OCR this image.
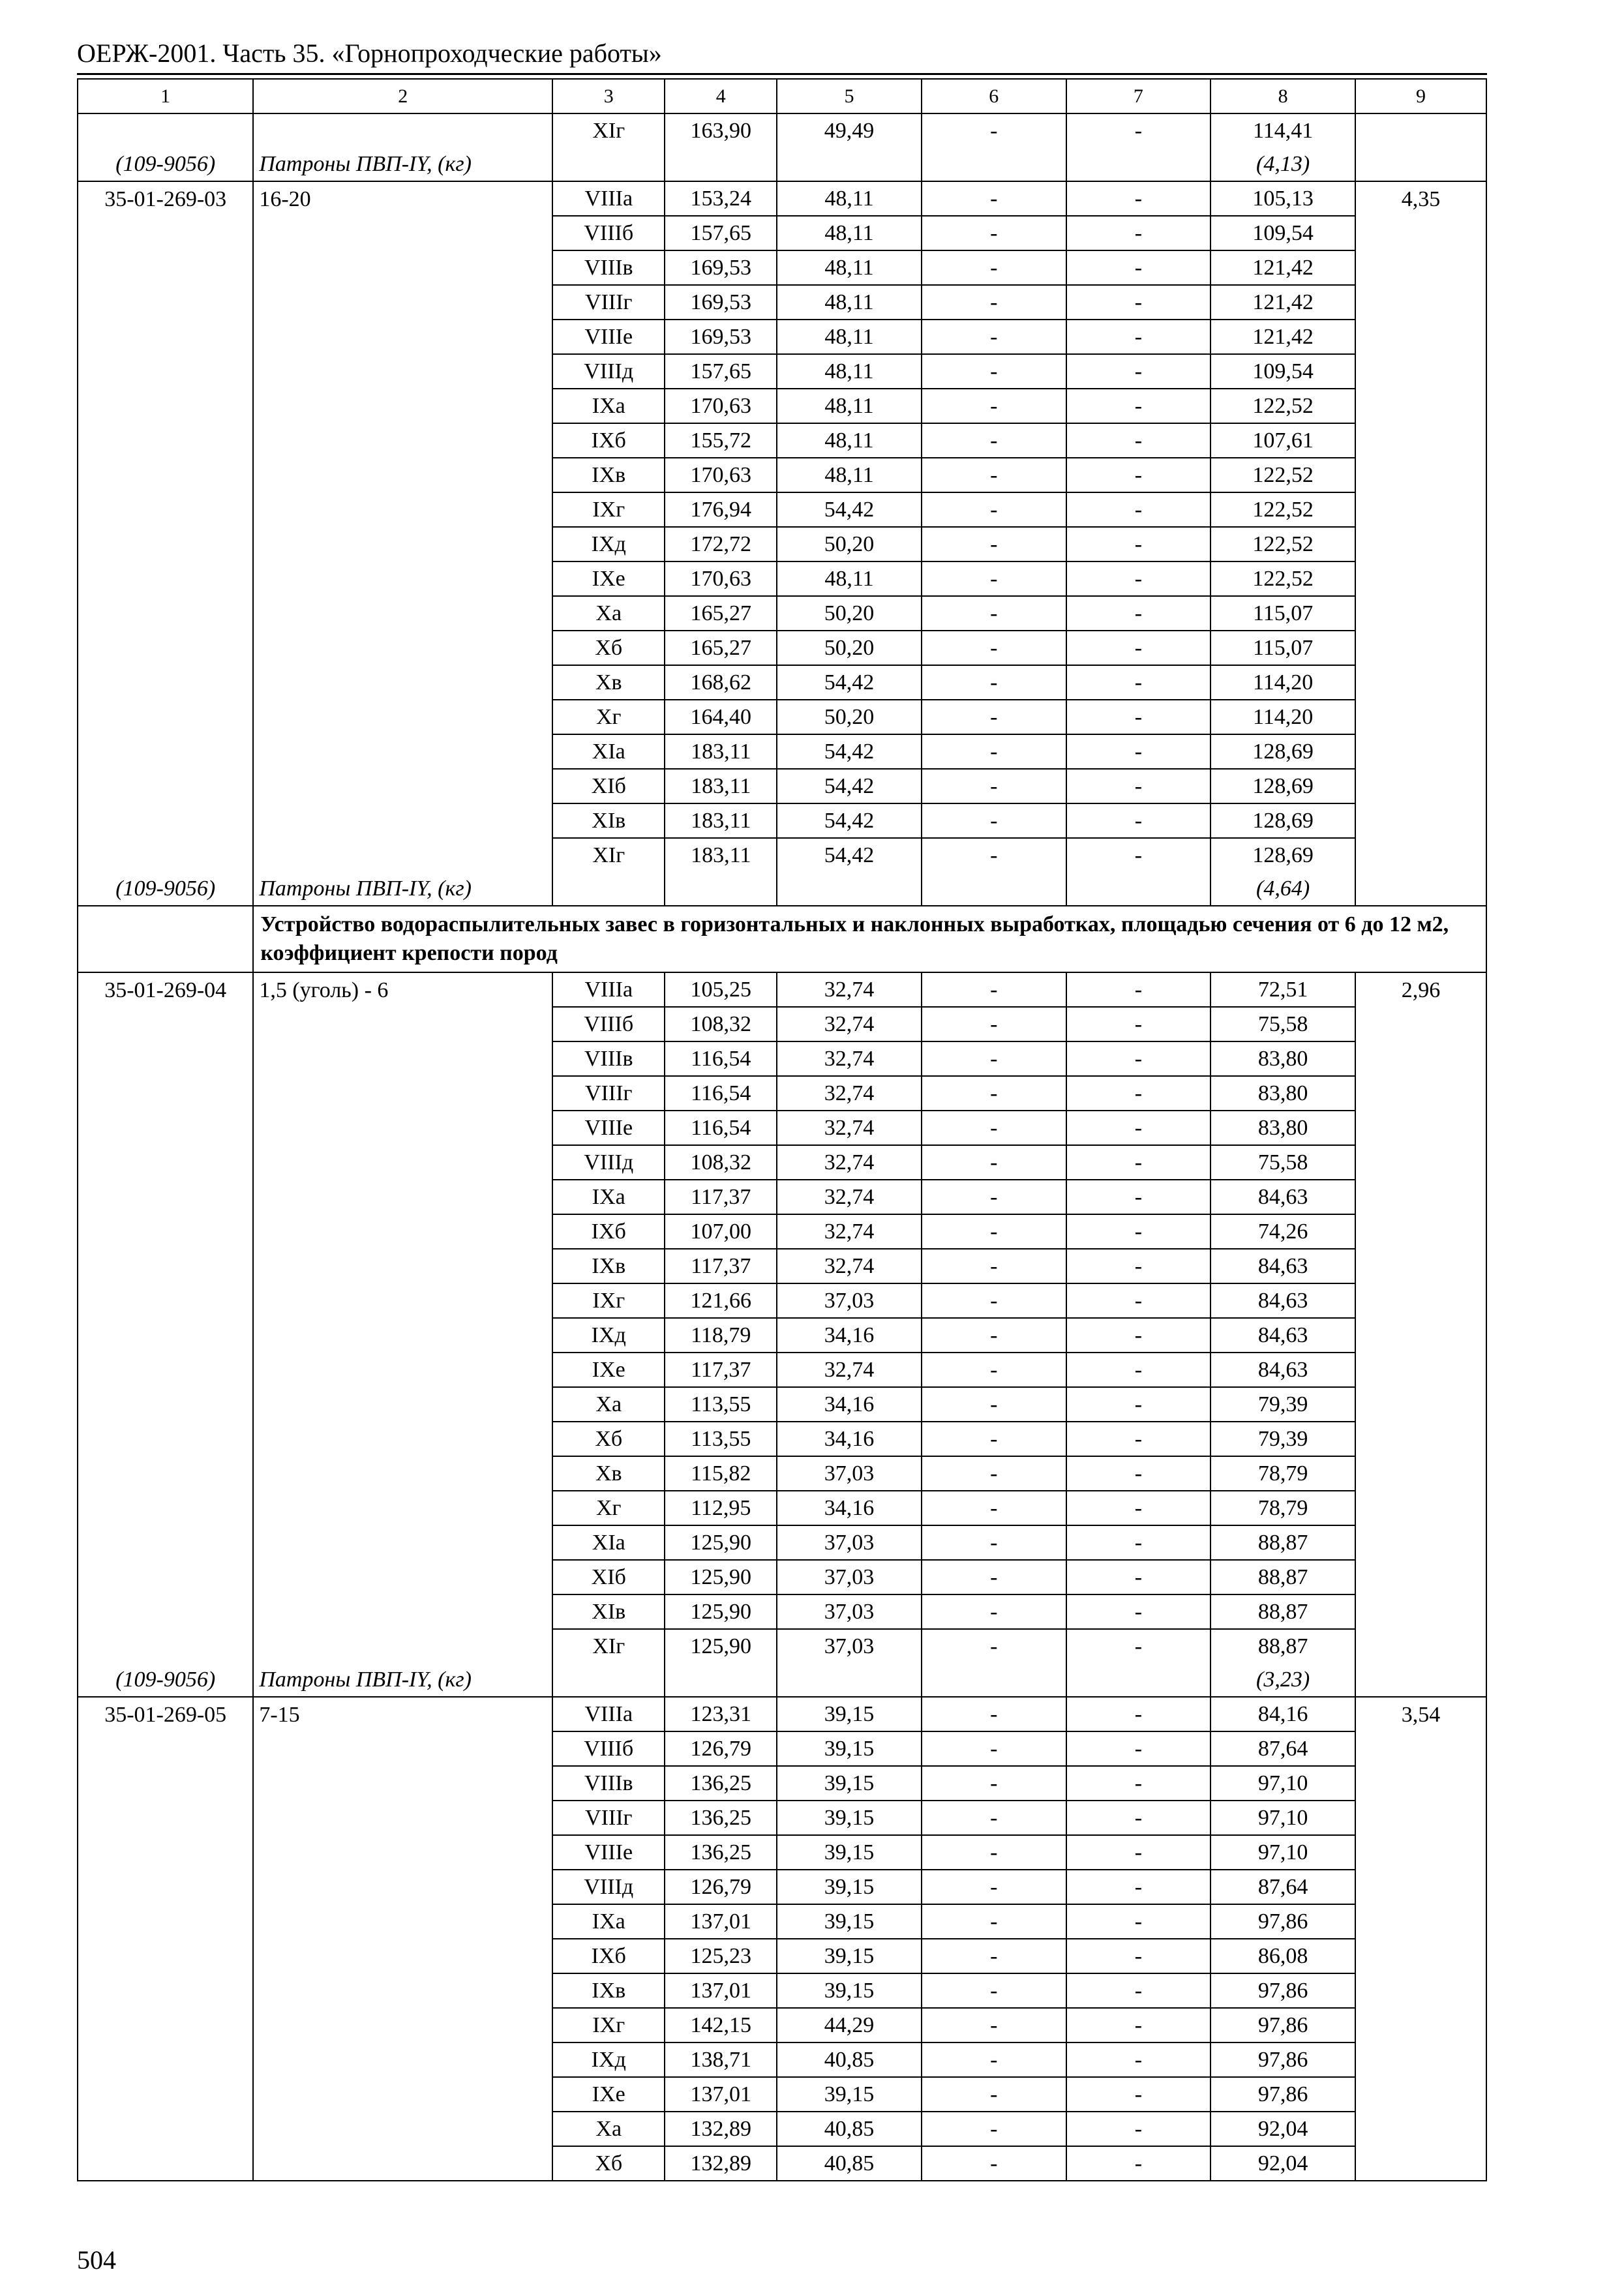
ОЕРЖ-2001. Часть 35. «Горнопроходческие работы»
1	2	3	4	5	6	7	8	9
		XIг	163,90	49,49	-	-	114,41	
(109-9056)	Патроны ПВП-IY, (кг)						(4,13)	
35-01-269-03	16-20	VIIIа	153,24	48,11	-	-	105,13	4,35
		VIIIб	157,65	48,11	-	-	109,54	
		VIIIв	169,53	48,11	-	-	121,42	
		VIIIг	169,53	48,11	-	-	121,42	
		VIIIе	169,53	48,11	-	-	121,42	
		VIIIд	157,65	48,11	-	-	109,54	
		IXа	170,63	48,11	-	-	122,52	
		IXб	155,72	48,11	-	-	107,61	
		IXв	170,63	48,11	-	-	122,52	
		IXг	176,94	54,42	-	-	122,52	
		IXд	172,72	50,20	-	-	122,52	
		IXе	170,63	48,11	-	-	122,52	
		Xа	165,27	50,20	-	-	115,07	
		Xб	165,27	50,20	-	-	115,07	
		Xв	168,62	54,42	-	-	114,20	
		Xг	164,40	50,20	-	-	114,20	
		XIа	183,11	54,42	-	-	128,69	
		XIб	183,11	54,42	-	-	128,69	
		XIв	183,11	54,42	-	-	128,69	
		XIг	183,11	54,42	-	-	128,69	
(109-9056)	Патроны ПВП-IY, (кг)						(4,64)	
	Устройство водораспылительных завес в горизонтальных и наклонных выработках, площадью сечения от 6 до 12 м2, коэффициент крепости пород							
35-01-269-04	1,5 (уголь) - 6	VIIIа	105,25	32,74	-	-	72,51	2,96
		VIIIб	108,32	32,74	-	-	75,58	
		VIIIв	116,54	32,74	-	-	83,80	
		VIIIг	116,54	32,74	-	-	83,80	
		VIIIе	116,54	32,74	-	-	83,80	
		VIIIд	108,32	32,74	-	-	75,58	
		IXа	117,37	32,74	-	-	84,63	
		IXб	107,00	32,74	-	-	74,26	
		IXв	117,37	32,74	-	-	84,63	
		IXг	121,66	37,03	-	-	84,63	
		IXд	118,79	34,16	-	-	84,63	
		IXе	117,37	32,74	-	-	84,63	
		Xа	113,55	34,16	-	-	79,39	
		Xб	113,55	34,16	-	-	79,39	
		Xв	115,82	37,03	-	-	78,79	
		Xг	112,95	34,16	-	-	78,79	
		XIа	125,90	37,03	-	-	88,87	
		XIб	125,90	37,03	-	-	88,87	
		XIв	125,90	37,03	-	-	88,87	
		XIг	125,90	37,03	-	-	88,87	
(109-9056)	Патроны ПВП-IY, (кг)						(3,23)	
35-01-269-05	7-15	VIIIа	123,31	39,15	-	-	84,16	3,54
		VIIIб	126,79	39,15	-	-	87,64	
		VIIIв	136,25	39,15	-	-	97,10	
		VIIIг	136,25	39,15	-	-	97,10	
		VIIIе	136,25	39,15	-	-	97,10	
		VIIIд	126,79	39,15	-	-	87,64	
		IXа	137,01	39,15	-	-	97,86	
		IXб	125,23	39,15	-	-	86,08	
		IXв	137,01	39,15	-	-	97,86	
		IXг	142,15	44,29	-	-	97,86	
		IXд	138,71	40,85	-	-	97,86	
		IXе	137,01	39,15	-	-	97,86	
		Xа	132,89	40,85	-	-	92,04	
		Xб	132,89	40,85	-	-	92,04	
504
